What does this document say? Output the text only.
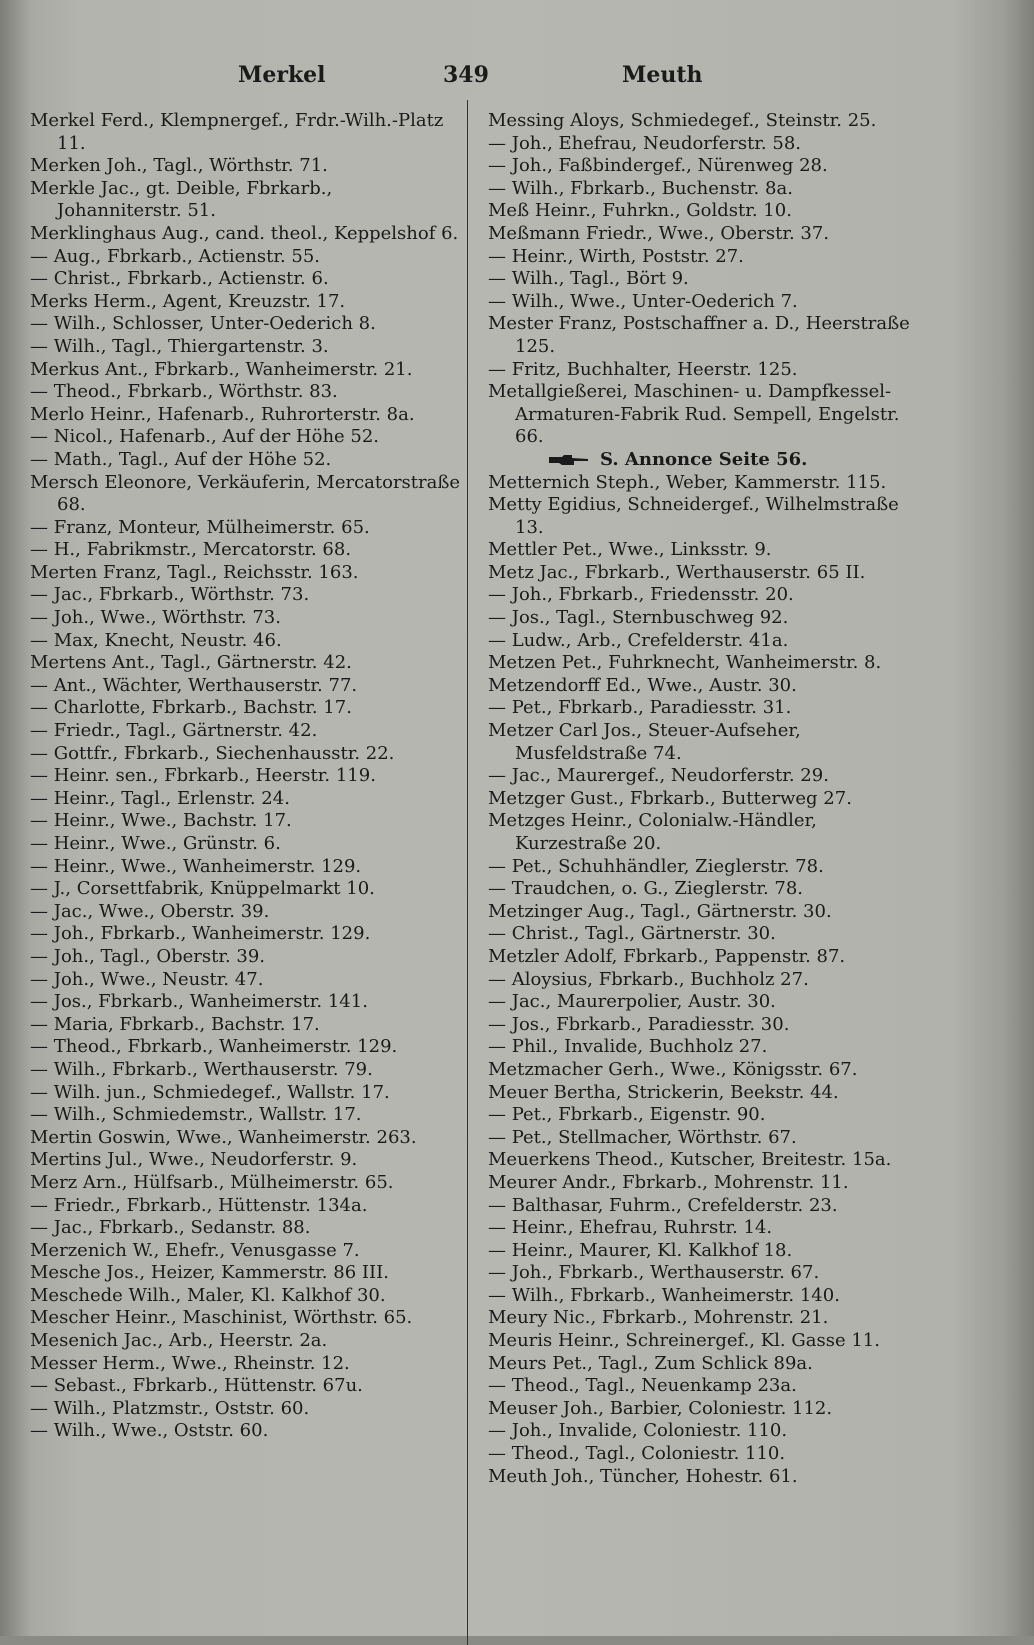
Merkel	349	Meuth

Merkel Ferd., Klempnergef., Frdr.-Wilh.-Platz 11.

Merken Joh., Tagl., Wörthstr. 71.

Merkle Jac., gt. Deible, Fbrkarb., Johanniterstr. 51.

Merklinghaus Aug., cand. theol., Keppelshof 6.

— Aug., Fbrkarb., Actienstr. 55.

— Christ., Fbrkarb., Actienstr. 6.

Merks Herm., Agent, Kreuzstr. 17.

— Wilh., Schlosser, Unter-Oederich 8.

— Wilh., Tagl., Thiergartenstr. 3.

Merkus Ant., Fbrkarb., Wanheimerstr. 21.

— Theod., Fbrkarb., Wörthstr. 83.

Merlo Heinr., Hafenarb., Ruhrorterstr. 8a.

— Nicol., Hafenarb., Auf der Höhe 52.

— Math., Tagl., Auf der Höhe 52.

Mersch Eleonore, Verkäuferin, Mercatorstraße 68.

— Franz, Monteur, Mülheimerstr. 65.

— H., Fabrikmstr., Mercatorstr. 68.

Merten Franz, Tagl., Reichsstr. 163.

— Jac., Fbrkarb., Wörthstr. 73.

— Joh., Wwe., Wörthstr. 73.

— Max, Knecht, Neustr. 46.

Mertens Ant., Tagl., Gärtnerstr. 42.

— Ant., Wächter, Werthauserstr. 77.

— Charlotte, Fbrkarb., Bachstr. 17.

— Friedr., Tagl., Gärtnerstr. 42.

— Gottfr., Fbrkarb., Siechenhausstr. 22.

— Heinr. sen., Fbrkarb., Heerstr. 119.

— Heinr., Tagl., Erlenstr. 24.

— Heinr., Wwe., Bachstr. 17.

— Heinr., Wwe., Grünstr. 6.

— Heinr., Wwe., Wanheimerstr. 129.

— J., Corsettfabrik, Knüppelmarkt 10.

— Jac., Wwe., Oberstr. 39.

— Joh., Fbrkarb., Wanheimerstr. 129.

— Joh., Tagl., Oberstr. 39.

— Joh., Wwe., Neustr. 47.

— Jos., Fbrkarb., Wanheimerstr. 141.

— Maria, Fbrkarb., Bachstr. 17.

— Theod., Fbrkarb., Wanheimerstr. 129.

— Wilh., Fbrkarb., Werthauserstr. 79.

— Wilh. jun., Schmiedegef., Wallstr. 17.

— Wilh., Schmiedemstr., Wallstr. 17.

Mertin Goswin, Wwe., Wanheimerstr. 263.

Mertins Jul., Wwe., Neudorferstr. 9.

Merz Arn., Hülfsarb., Mülheimerstr. 65.

— Friedr., Fbrkarb., Hüttenstr. 134a.

— Jac., Fbrkarb., Sedanstr. 88.

Merzenich W., Ehefr., Venusgasse 7.

Mesche Jos., Heizer, Kammerstr. 86 III.

Meschede Wilh., Maler, Kl. Kalkhof 30.

Mescher Heinr., Maschinist, Wörthstr. 65.

Mesenich Jac., Arb., Heerstr. 2a.

Messer Herm., Wwe., Rheinstr. 12.

— Sebast., Fbrkarb., Hüttenstr. 67u.

— Wilh., Platzmstr., Oststr. 60.

— Wilh., Wwe., Oststr. 60.

Messing Aloys, Schmiedegef., Steinstr. 25.

— Joh., Ehefrau, Neudorferstr. 58.

— Joh., Faßbindergef., Nürenweg 28.

— Wilh., Fbrkarb., Buchenstr. 8a.

Meß Heinr., Fuhrkn., Goldstr. 10.

Meßmann Friedr., Wwe., Oberstr. 37.

— Heinr., Wirth, Poststr. 27.

— Wilh., Tagl., Bört 9.

— Wilh., Wwe., Unter-Oederich 7.

Mester Franz, Postschaffner a. D., Heerstraße 125.

— Fritz, Buchhalter, Heerstr. 125.

Metallgießerei, Maschinen- u. Dampfkessel-Armaturen-Fabrik Rud. Sempell, Engelstr. 66.

S. Annonce Seite 56.

Metternich Steph., Weber, Kammerstr. 115.

Metty Egidius, Schneidergef., Wilhelmstraße 13.

Mettler Pet., Wwe., Linksstr. 9.

Metz Jac., Fbrkarb., Werthauserstr. 65 II.

— Joh., Fbrkarb., Friedensstr. 20.

— Jos., Tagl., Sternbuschweg 92.

— Ludw., Arb., Crefelderstr. 41a.

Metzen Pet., Fuhrknecht, Wanheimerstr. 8.

Metzendorff Ed., Wwe., Austr. 30.

— Pet., Fbrkarb., Paradiesstr. 31.

Metzer Carl Jos., Steuer-Aufseher, Musfeldstraße 74.

— Jac., Maurergef., Neudorferstr. 29.

Metzger Gust., Fbrkarb., Butterweg 27.

Metzges Heinr., Colonialw.-Händler, Kurzestraße 20.

— Pet., Schuhhändler, Zieglerstr. 78.

— Traudchen, o. G., Zieglerstr. 78.

Metzinger Aug., Tagl., Gärtnerstr. 30.

— Christ., Tagl., Gärtnerstr. 30.

Metzler Adolf, Fbrkarb., Pappenstr. 87.

— Aloysius, Fbrkarb., Buchholz 27.

— Jac., Maurerpolier, Austr. 30.

— Jos., Fbrkarb., Paradiesstr. 30.

— Phil., Invalide, Buchholz 27.

Metzmacher Gerh., Wwe., Königsstr. 67.

Meuer Bertha, Strickerin, Beekstr. 44.

— Pet., Fbrkarb., Eigenstr. 90.

— Pet., Stellmacher, Wörthstr. 67.

Meuerkens Theod., Kutscher, Breitestr. 15a.

Meurer Andr., Fbrkarb., Mohrenstr. 11.

— Balthasar, Fuhrm., Crefelderstr. 23.

— Heinr., Ehefrau, Ruhrstr. 14.

— Heinr., Maurer, Kl. Kalkhof 18.

— Joh., Fbrkarb., Werthauserstr. 67.

— Wilh., Fbrkarb., Wanheimerstr. 140.

Meury Nic., Fbrkarb., Mohrenstr. 21.

Meuris Heinr., Schreinergef., Kl. Gasse 11.

Meurs Pet., Tagl., Zum Schlick 89a.

— Theod., Tagl., Neuenkamp 23a.

Meuser Joh., Barbier, Coloniestr. 112.

— Joh., Invalide, Coloniestr. 110.

— Theod., Tagl., Coloniestr. 110.

Meuth Joh., Tüncher, Hohestr. 61.
